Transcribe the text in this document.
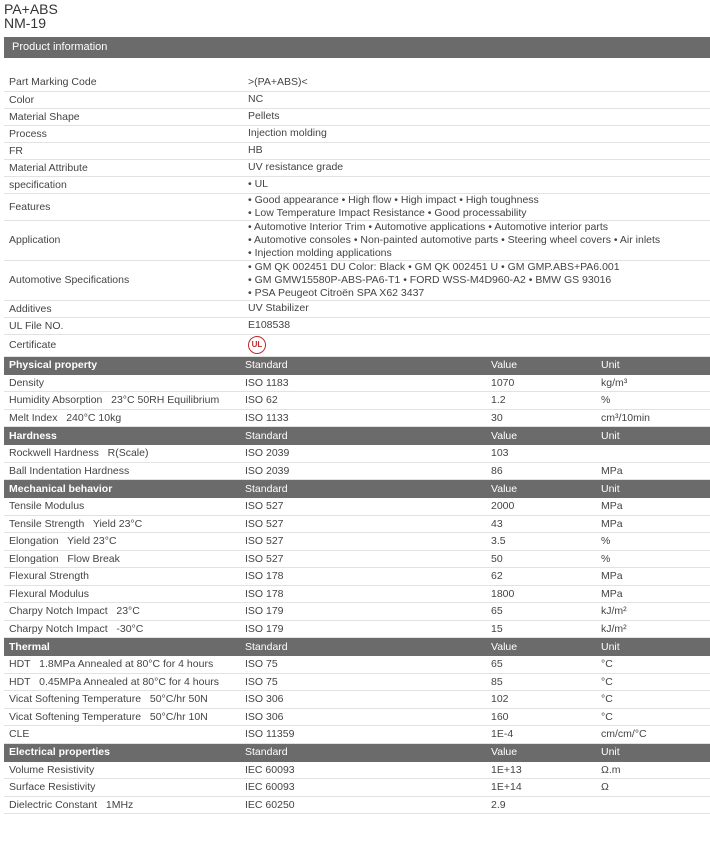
PA+ABS
NM-19
Product information
Part Marking Code	>(PA+ABS)<
Color	NC
Material Shape	Pellets
Process	Injection molding
FR	HB
Material Attribute	UV resistance grade
specification	• UL
Features	• Good appearance • High flow • High impact • High toughness
• Low Temperature Impact Resistance • Good processability
Application	• Automotive Interior Trim • Automotive applications • Automotive interior parts
• Automotive consoles • Non-painted automotive parts • Steering wheel covers • Air inlets
• Injection molding applications
Automotive Specifications	• GM QK 002451 DU Color: Black • GM QK 002451 U • GM GMP.ABS+PA6.001
• GM GMW15580P-ABS-PA6-T1 • FORD WSS-M4D960-A2 • BMW GS 93016
• PSA Peugeot Citroën SPA X62 3437
Additives	UV Stabilizer
UL File NO.	E108538
Certificate	UL
Physical property	Standard	Value	Unit
Density	ISO 1183	1070	kg/m³
Humidity Absorption   23°C 50RH Equilibrium	ISO 62	1.2	%
Melt Index   240°C 10kg	ISO 1133	30	cm³/10min
Hardness	Standard	Value	Unit
Rockwell Hardness   R(Scale)	ISO 2039	103	
Ball Indentation Hardness	ISO 2039	86	MPa
Mechanical behavior	Standard	Value	Unit
Tensile Modulus	ISO 527	2000	MPa
Tensile Strength   Yield 23°C	ISO 527	43	MPa
Elongation   Yield 23°C	ISO 527	3.5	%
Elongation   Flow Break	ISO 527	50	%
Flexural Strength	ISO 178	62	MPa
Flexural Modulus	ISO 178	1800	MPa
Charpy Notch Impact   23°C	ISO 179	65	kJ/m²
Charpy Notch Impact   -30°C	ISO 179	15	kJ/m²
Thermal	Standard	Value	Unit
HDT   1.8MPa Annealed at 80°C for 4 hours	ISO 75	65	°C
HDT   0.45MPa Annealed at 80°C for 4 hours	ISO 75	85	°C
Vicat Softening Temperature   50°C/hr 50N	ISO 306	102	°C
Vicat Softening Temperature   50°C/hr 10N	ISO 306	160	°C
CLE	ISO 11359	1E-4	cm/cm/°C
Electrical properties	Standard	Value	Unit
Volume Resistivity	IEC 60093	1E+13	Ω.m
Surface Resistivity	IEC 60093	1E+14	Ω
Dielectric Constant   1MHz	IEC 60250	2.9	
